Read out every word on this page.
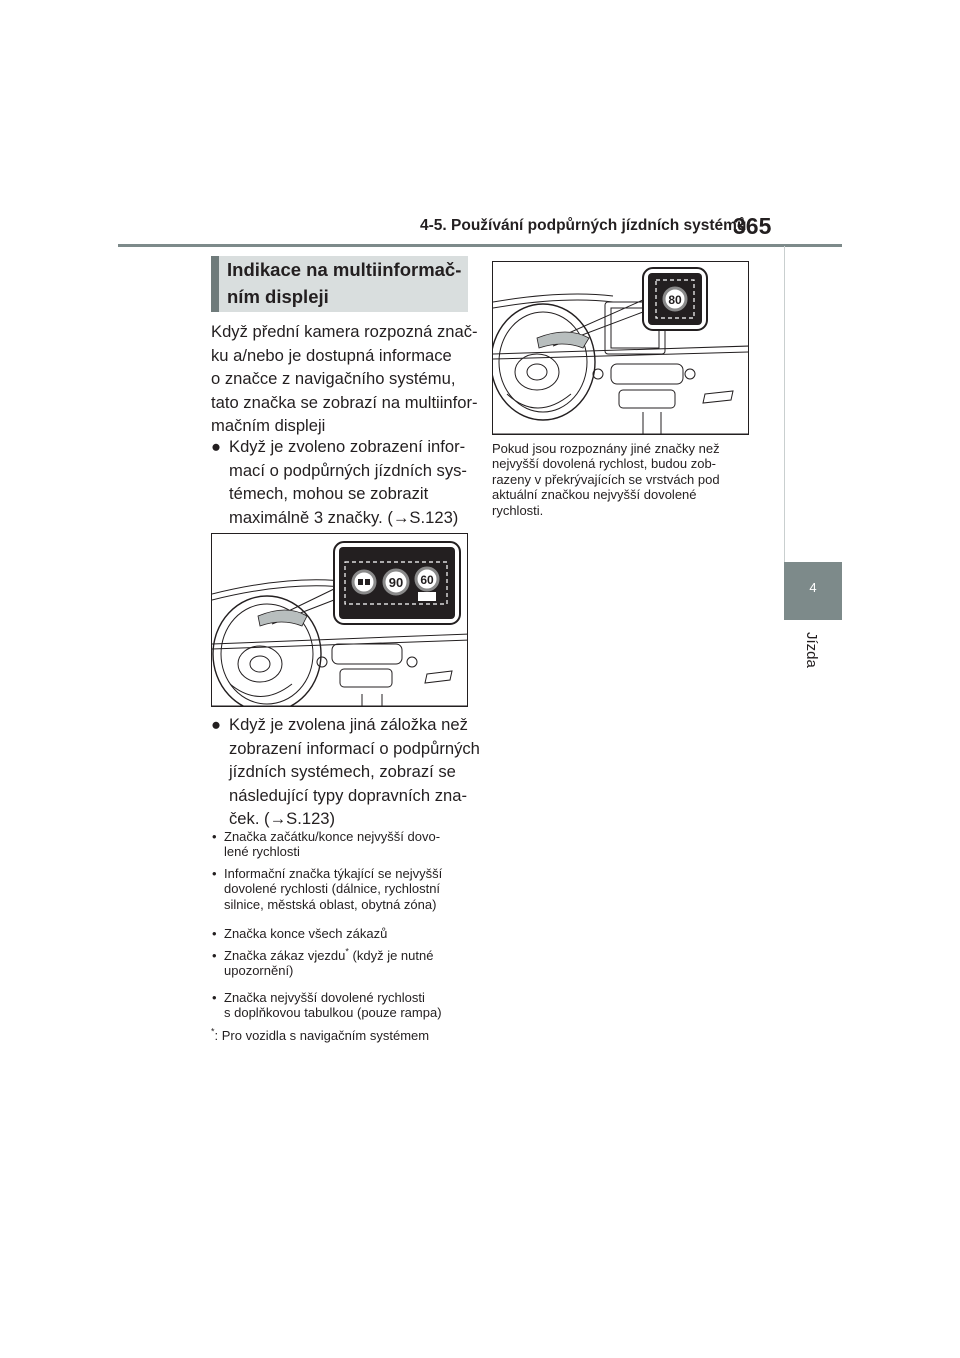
4-5. Používání podpůrných jízdních systémů
365
4
Jízda
Indikace na multiinformač-
ním displeji
Když přední kamera rozpozná znač-
ku a/nebo je dostupná informace
o značce z navigačního systému,
tato značka se zobrazí na multiinfor-
mačním displeji
● Když je zvoleno zobrazení infor-
mací o podpůrných jízdních sys-
témech, mohou se zobrazit
maximálně 3 značky. (→S.123)
90 60
● Když je zvolena jiná záložka než
zobrazení informací o podpůrných
jízdních systémech, zobrazí se
následující typy dopravních zna-
ček. (→S.123)
• Značka začátku/konce nejvyšší dovo-
lené rychlosti
• Informační značka týkající se nejvyšší
dovolené rychlosti (dálnice, rychlostní
silnice, městská oblast, obytná zóna)
• Značka konce všech zákazů
• Značka zákaz vjezdu* (když je nutné
upozornění)
• Značka nejvyšší dovolené rychlosti
s doplňkovou tabulkou (pouze rampa)
*: Pro vozidla s navigačním systémem
80
Pokud jsou rozpoznány jiné značky než
nejvyšší dovolená rychlost, budou zob-
razeny v překrývajících se vrstvách pod
aktuální značkou nejvyšší dovolené
rychlosti.
